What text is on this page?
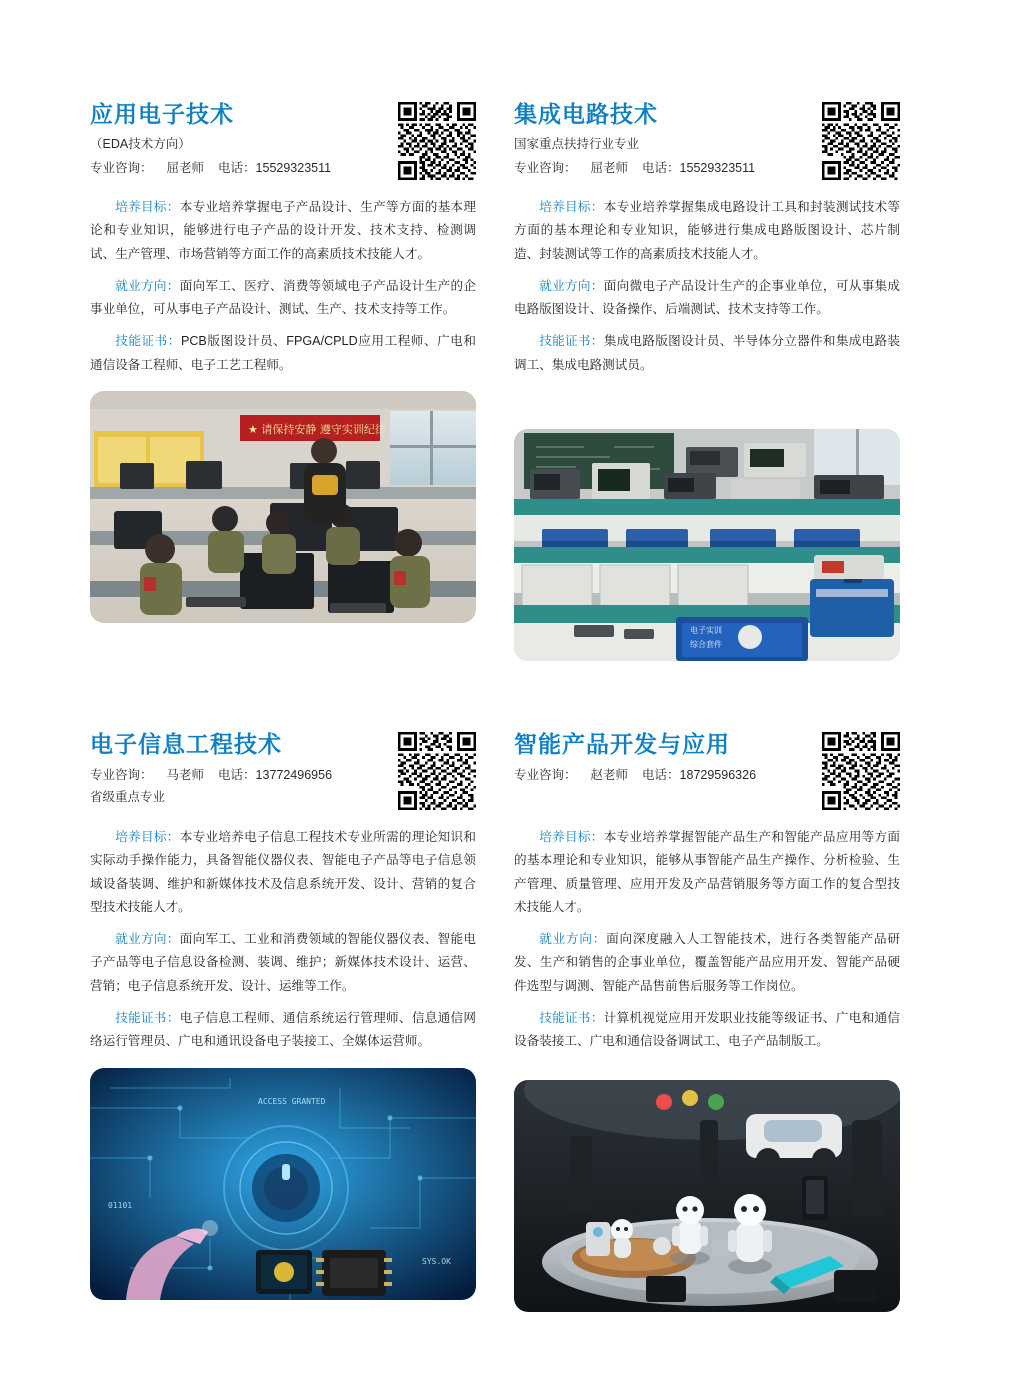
应用电子技术

（EDA技术方向）

专业咨询： 屈老师 电话：15529323511

培养目标：本专业培养掌握电子产品设计、生产等方面的基本理论和专业知识，能够进行电子产品的设计开发、技术支持、检测调试、生产管理、市场营销等方面工作的高素质技术技能人才。

就业方向：面向军工、医疗、消费等领域电子产品设计生产的企事业单位，可从事电子产品设计、测试、生产、技术支持等工作。

技能证书：PCB版图设计员、FPGA/CPLD应用工程师、广电和通信设备工程师、电子工艺工程师。

★ 请保持安静 遵守实训纪律
集成电路技术

国家重点扶持行业专业

专业咨询： 屈老师 电话：15529323511

培养目标：本专业培养掌握集成电路设计工具和封装测试技术等方面的基本理论和专业知识，能够进行集成电路版图设计、芯片制造、封装测试等工作的高素质技术技能人才。

就业方向：面向微电子产品设计生产的企事业单位，可从事集成电路版图设计、设备操作、后端测试、技术支持等工作。

技能证书：集成电路版图设计员、半导体分立器件和集成电路装调工、集成电路测试员。

电子实训
综合套件
电子信息工程技术

专业咨询： 马老师 电话：13772496956

省级重点专业

培养目标：本专业培养电子信息工程技术专业所需的理论知识和实际动手操作能力，具备智能仪器仪表、智能电子产品等电子信息领域设备装调、维护和新媒体技术及信息系统开发、设计、营销的复合型技术技能人才。

就业方向：面向军工、工业和消费领域的智能仪器仪表、智能电子产品等电子信息设备检测、装调、维护；新媒体技术设计、运营、营销；电子信息系统开发、设计、运维等工作。

技能证书：电子信息工程师、通信系统运行管理师、信息通信网络运行管理员、广电和通讯设备电子装接工、全媒体运营师。

ACCESS GRANTED
01101
SYS.OK
智能产品开发与应用

专业咨询： 赵老师 电话：18729596326

培养目标：本专业培养掌握智能产品生产和智能产品应用等方面的基本理论和专业知识，能够从事智能产品生产操作、分析检验、生产管理、质量管理、应用开发及产品营销服务等方面工作的复合型技术技能人才。

就业方向：面向深度融入人工智能技术，进行各类智能产品研发、生产和销售的企事业单位，覆盖智能产品应用开发、智能产品硬件选型与调测、智能产品售前售后服务等工作岗位。

技能证书：计算机视觉应用开发职业技能等级证书、广电和通信设备装接工、广电和通信设备调试工、电子产品制版工。
